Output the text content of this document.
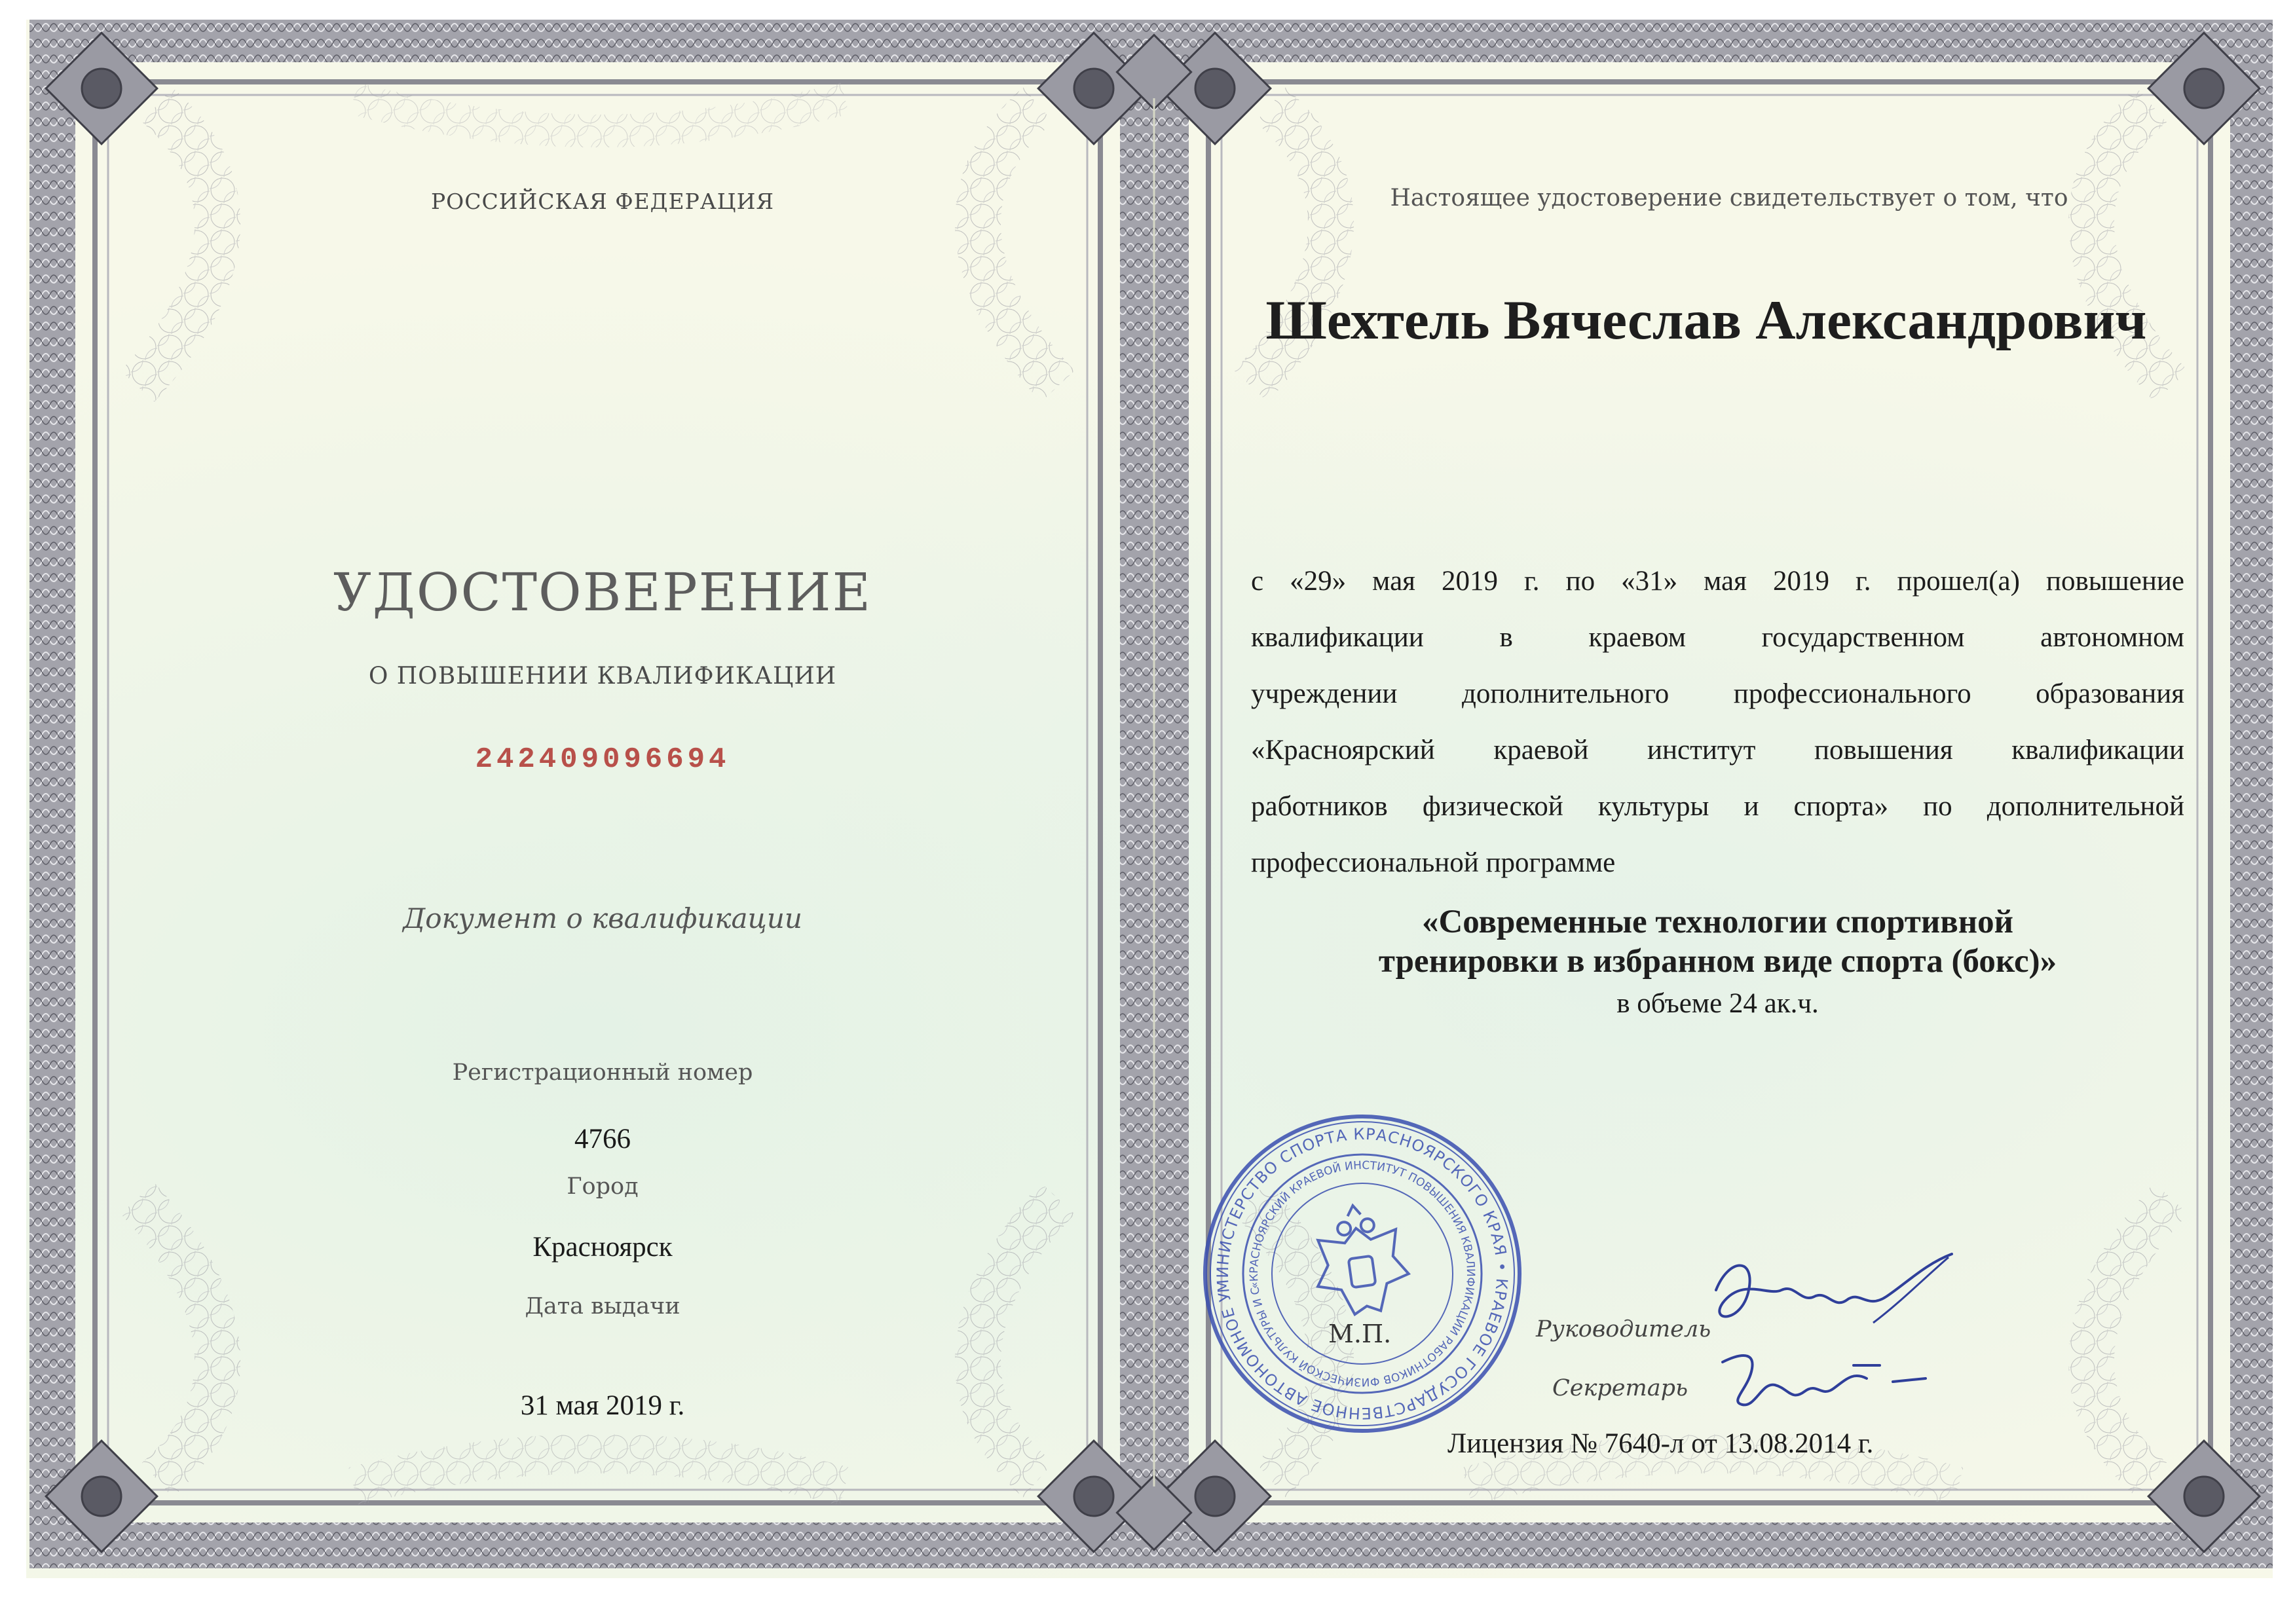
РОССИЙСКАЯ ФЕДЕРАЦИЯ
УДОСТОВЕРЕНИЕ
О ПОВЫШЕНИИ КВАЛИФИКАЦИИ
242409096694
Документ о квалификации
Регистрационный номер
4766
Город
Красноярск
Дата выдачи
31 мая 2019 г.
Настоящее удостоверение свидетельствует о том, что
Шехтель Вячеслав Александрович
с «29» мая 2019 г. по «31» мая 2019 г. прошел(а) повышение
квалификации в краевом государственном автономном
учреждении дополнительного профессионального образования
«Красноярский краевой институт повышения квалификации
работников физической культуры и спорта» по дополнительной
профессиональной программе
«Современные технологии спортивной
тренировки в избранном виде спорта (бокс)»
в объеме 24 ак.ч.
МИНИСТЕРСТВО СПОРТА КРАСНОЯРСКОГО КРАЯ • КРАЕВОЕ ГОСУДАРСТВЕННОЕ АВТОНОМНОЕ УЧРЕЖДЕНИЕ
«КРАСНОЯРСКИЙ КРАЕВОЙ ИНСТИТУТ ПОВЫШЕНИЯ КВАЛИФИКАЦИИ РАБОТНИКОВ ФИЗИЧЕСКОЙ КУЛЬТУРЫ И СПОРТА»
М.П.	Руководитель
Секретарь
Лицензия № 7640-л от 13.08.2014 г.
